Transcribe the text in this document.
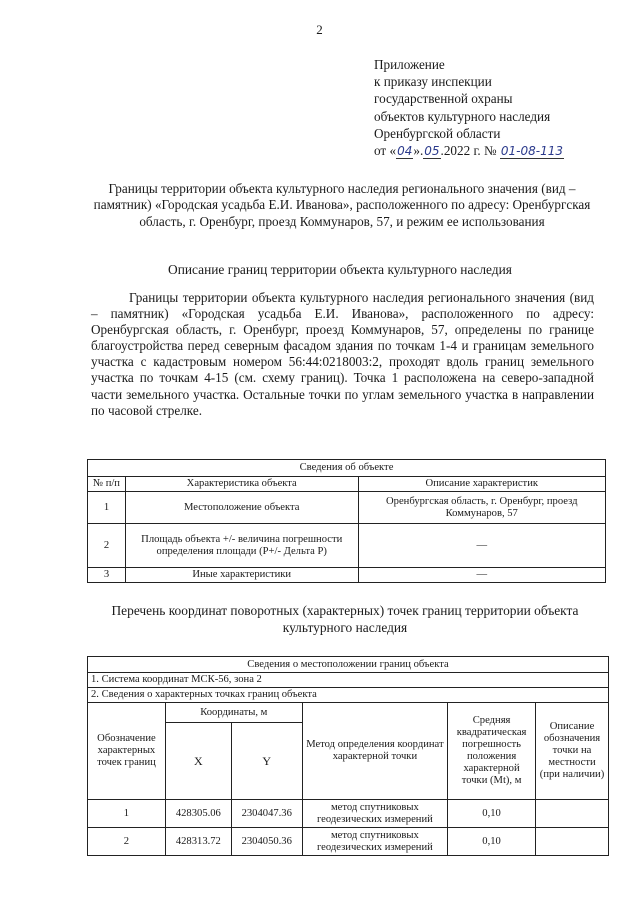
2
Приложение
к приказу инспекции
государственной охраны
объектов культурного наследия
Оренбургской области
от «04».05.2022 г. № 01-08-113
Границы территории объекта культурного наследия регионального значения (вид – памятник) «Городская усадьба Е.И. Иванова», расположенного по адресу: Оренбургская область, г. Оренбург, проезд Коммунаров, 57, и режим ее использования
Описание границ территории объекта культурного наследия
Границы территории объекта культурного наследия регионального значения (вид – памятник) «Городская усадьба Е.И. Иванова», расположенного по адресу: Оренбургская область, г. Оренбург, проезд Коммунаров, 57, определены по границе благоустройства перед северным фасадом здания по точкам 1-4 и границам земельного участка с кадастровым номером 56:44:0218003:2, проходят вдоль границ земельного участка по точкам 4-15 (см. схему границ). Точка 1 расположена на северо-западной части земельного участка. Остальные точки по углам земельного участка в направлении по часовой стрелке.
Сведения об объекте		
№ п/п	Характеристика объекта	Описание характеристик
1	Местоположение объекта	Оренбургская область, г. Оренбург, проезд Коммунаров, 57
2	Площадь объекта +/- величина погрешности определения площади (P+/- Дельта P)	—
3	Иные характеристики	—
Перечень координат поворотных (характерных) точек границ территории объекта культурного наследия
Сведения о местоположении границ объекта					
1. Система координат МСК-56, зона 2					
2. Сведения о характерных точках границ объекта					
Обозначение характерных точек границ	Координаты, м		Метод определения координат характерной точки	Средняя квадратическая погрешность положения характерной точки (Mt), м	Описание обозначения точки на местности (при наличии)
	X	Y			
1	428305.06	2304047.36	метод спутниковых геодезических измерений	0,10	
2	428313.72	2304050.36	метод спутниковых геодезических измерений	0,10	
